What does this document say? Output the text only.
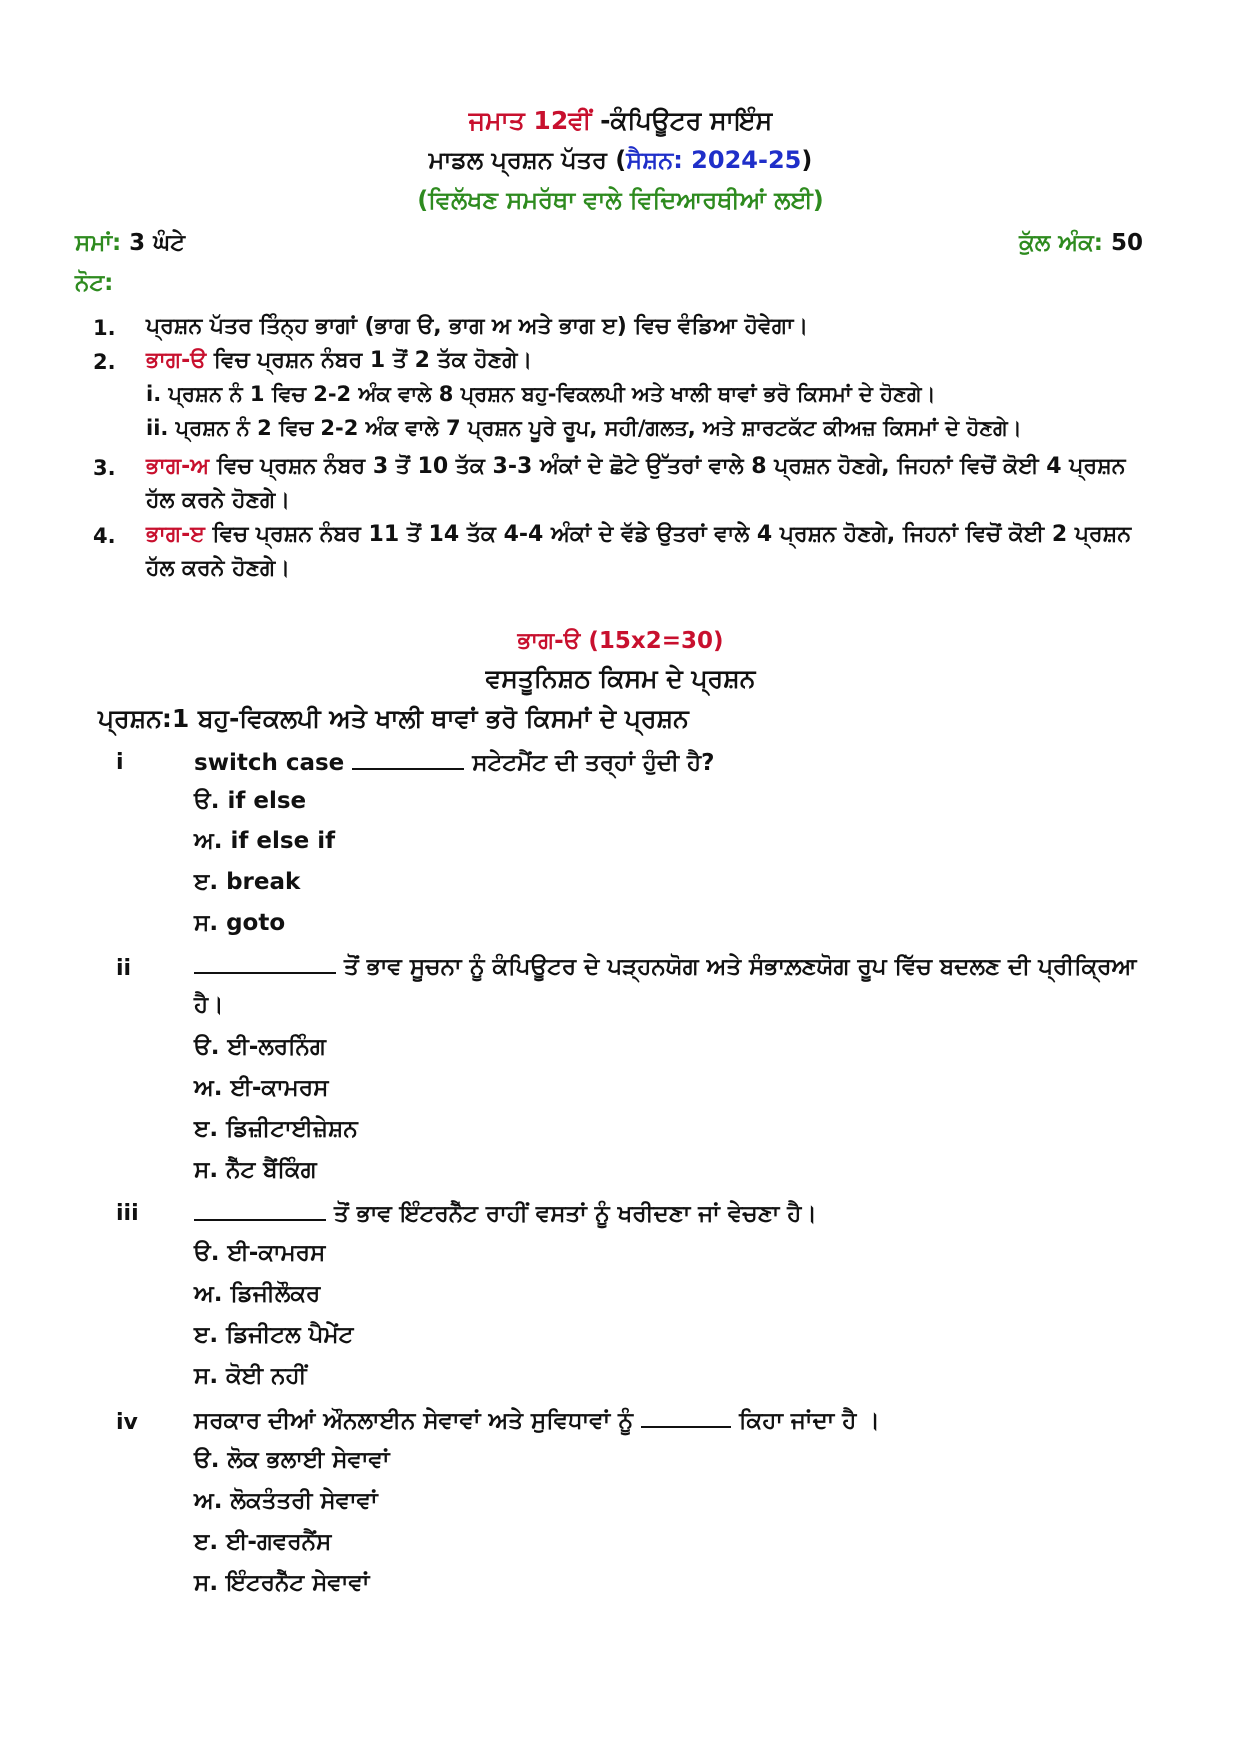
ਜਮਾਤ 12ਵੀਂ -ਕੰਪਿਊਟਰ ਸਾਇੰਸ
ਮਾਡਲ ਪ੍ਰਸ਼ਨ ਪੱਤਰ (ਸੈਸ਼ਨ: 2024-25)
(ਵਿਲੱਖਣ ਸਮਰੱਥਾ ਵਾਲੇ ਵਿਦਿਆਰਥੀਆਂ ਲਈ)
ਸਮਾਂ: 3 ਘੰਟੇ	ਕੁੱਲ ਅੰਕ: 50
ਨੋਟ:
1.	ਪ੍ਰਸ਼ਨ ਪੱਤਰ ਤਿੰਨ੍ਹ ਭਾਗਾਂ (ਭਾਗ ੳ, ਭਾਗ ਅ ਅਤੇ ਭਾਗ ੲ) ਵਿਚ ਵੰਡਿਆ ਹੋਵੇਗਾ।
2.	ਭਾਗ-ੳ ਵਿਚ ਪ੍ਰਸ਼ਨ ਨੰਬਰ 1 ਤੋਂ 2 ਤੱਕ ਹੋਣਗੇ।
i. ਪ੍ਰਸ਼ਨ ਨੰ 1 ਵਿਚ 2-2 ਅੰਕ ਵਾਲੇ 8 ਪ੍ਰਸ਼ਨ ਬਹੁ-ਵਿਕਲਪੀ ਅਤੇ ਖਾਲੀ ਥਾਵਾਂ ਭਰੋ ਕਿਸਮਾਂ ਦੇ ਹੋਣਗੇ।
ii. ਪ੍ਰਸ਼ਨ ਨੰ 2 ਵਿਚ 2-2 ਅੰਕ ਵਾਲੇ 7 ਪ੍ਰਸ਼ਨ ਪੂਰੇ ਰੂਪ, ਸਹੀ/ਗਲਤ, ਅਤੇ ਸ਼ਾਰਟਕੱਟ ਕੀਅਜ਼ ਕਿਸਮਾਂ ਦੇ ਹੋਣਗੇ।
3.	ਭਾਗ-ਅ ਵਿਚ ਪ੍ਰਸ਼ਨ ਨੰਬਰ 3 ਤੋਂ 10 ਤੱਕ 3-3 ਅੰਕਾਂ ਦੇ ਛੋਟੇ ਉੱਤਰਾਂ ਵਾਲੇ 8 ਪ੍ਰਸ਼ਨ ਹੋਣਗੇ, ਜਿਹਨਾਂ ਵਿਚੋਂ ਕੋਈ 4 ਪ੍ਰਸ਼ਨ ਹੱਲ ਕਰਨੇ ਹੋਣਗੇ।
4.	ਭਾਗ-ੲ ਵਿਚ ਪ੍ਰਸ਼ਨ ਨੰਬਰ 11 ਤੋਂ 14 ਤੱਕ 4-4 ਅੰਕਾਂ ਦੇ ਵੱਡੇ ਉਤਰਾਂ ਵਾਲੇ 4 ਪ੍ਰਸ਼ਨ ਹੋਣਗੇ, ਜਿਹਨਾਂ ਵਿਚੋਂ ਕੋਈ 2 ਪ੍ਰਸ਼ਨ ਹੱਲ ਕਰਨੇ ਹੋਣਗੇ।
ਭਾਗ-ੳ (15x2=30)
ਵਸਤੂਨਿਸ਼ਠ ਕਿਸਮ ਦੇ ਪ੍ਰਸ਼ਨ
ਪ੍ਰਸ਼ਨ:1 ਬਹੁ-ਵਿਕਲਪੀ ਅਤੇ ਖਾਲੀ ਥਾਵਾਂ ਭਰੋ ਕਿਸਮਾਂ ਦੇ ਪ੍ਰਸ਼ਨ
i	switch case	ਸਟੇਟਮੈਂਟ ਦੀ ਤਰ੍ਹਾਂ ਹੁੰਦੀ ਹੈ?
ੳ. if else
ਅ. if else if
ੲ. break
ਸ. goto
ii	ਤੋਂ ਭਾਵ ਸੂਚਨਾ ਨੂੰ ਕੰਪਿਊਟਰ ਦੇ ਪੜ੍ਹਨਯੋਗ ਅਤੇ ਸੰਭਾਲ਼ਣਯੋਗ ਰੂਪ ਵਿੱਚ ਬਦਲਣ ਦੀ ਪ੍ਰੀਕ੍ਰਿਆ ਹੈ।
ੳ. ਈ-ਲਰਨਿੰਗ
ਅ. ਈ-ਕਾਮਰਸ
ੲ. ਡਿਜ਼ੀਟਾਈਜ਼ੇਸ਼ਨ
ਸ. ਨੈੱਟ ਬੈਂਕਿੰਗ
iii	ਤੋਂ ਭਾਵ ਇੰਟਰਨੈੱਟ ਰਾਹੀਂ ਵਸਤਾਂ ਨੂੰ ਖਰੀਦਣਾ ਜਾਂ ਵੇਚਣਾ ਹੈ।
ੳ. ਈ-ਕਾਮਰਸ
ਅ. ਡਿਜੀਲੌਕਰ
ੲ. ਡਿਜੀਟਲ ਪੈਮੇਂਟ
ਸ. ਕੋਈ ਨਹੀਂ
iv ਸਰਕਾਰ ਦੀਆਂ ਔਨਲਾਈਨ ਸੇਵਾਵਾਂ ਅਤੇ ਸੁਵਿਧਾਵਾਂ ਨੂੰ	ਕਿਹਾ ਜਾਂਦਾ ਹੈ ।
ੳ. ਲੋਕ ਭਲਾਈ ਸੇਵਾਵਾਂ
ਅ. ਲੋਕਤੰਤਰੀ ਸੇਵਾਵਾਂ
ੲ. ਈ-ਗਵਰਨੈਂਸ
ਸ. ਇੰਟਰਨੈੱਟ ਸੇਵਾਵਾਂ
